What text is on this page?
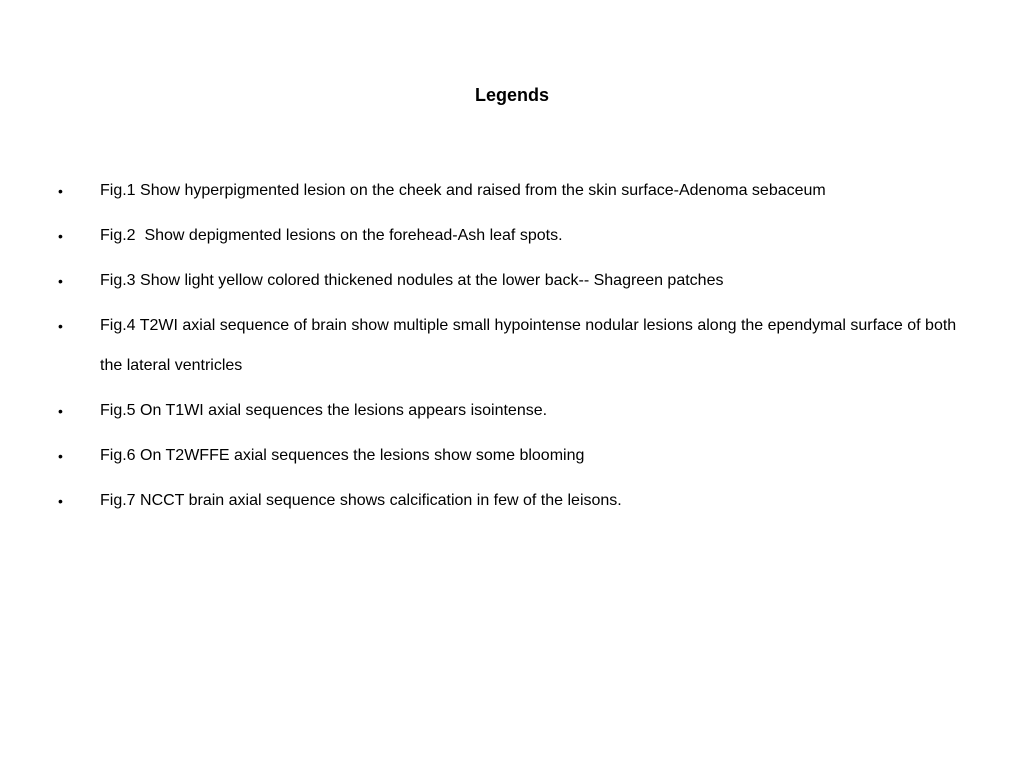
Legends
•	Fig.1 Show hyperpigmented lesion on the cheek and raised from the skin surface-Adenoma sebaceum
•	Fig.2  Show depigmented lesions on the forehead-Ash leaf spots.
•	Fig.3 Show light yellow colored thickened nodules at the lower back-- Shagreen patches
•	Fig.4 T2WI axial sequence of brain show multiple small hypointense nodular lesions along the ependymal surface of both the lateral ventricles
•	Fig.5 On T1WI axial sequences the lesions appears isointense.
•	Fig.6 On T2WFFE axial sequences the lesions show some blooming
•	Fig.7 NCCT brain axial sequence shows calcification in few of the leisons.
